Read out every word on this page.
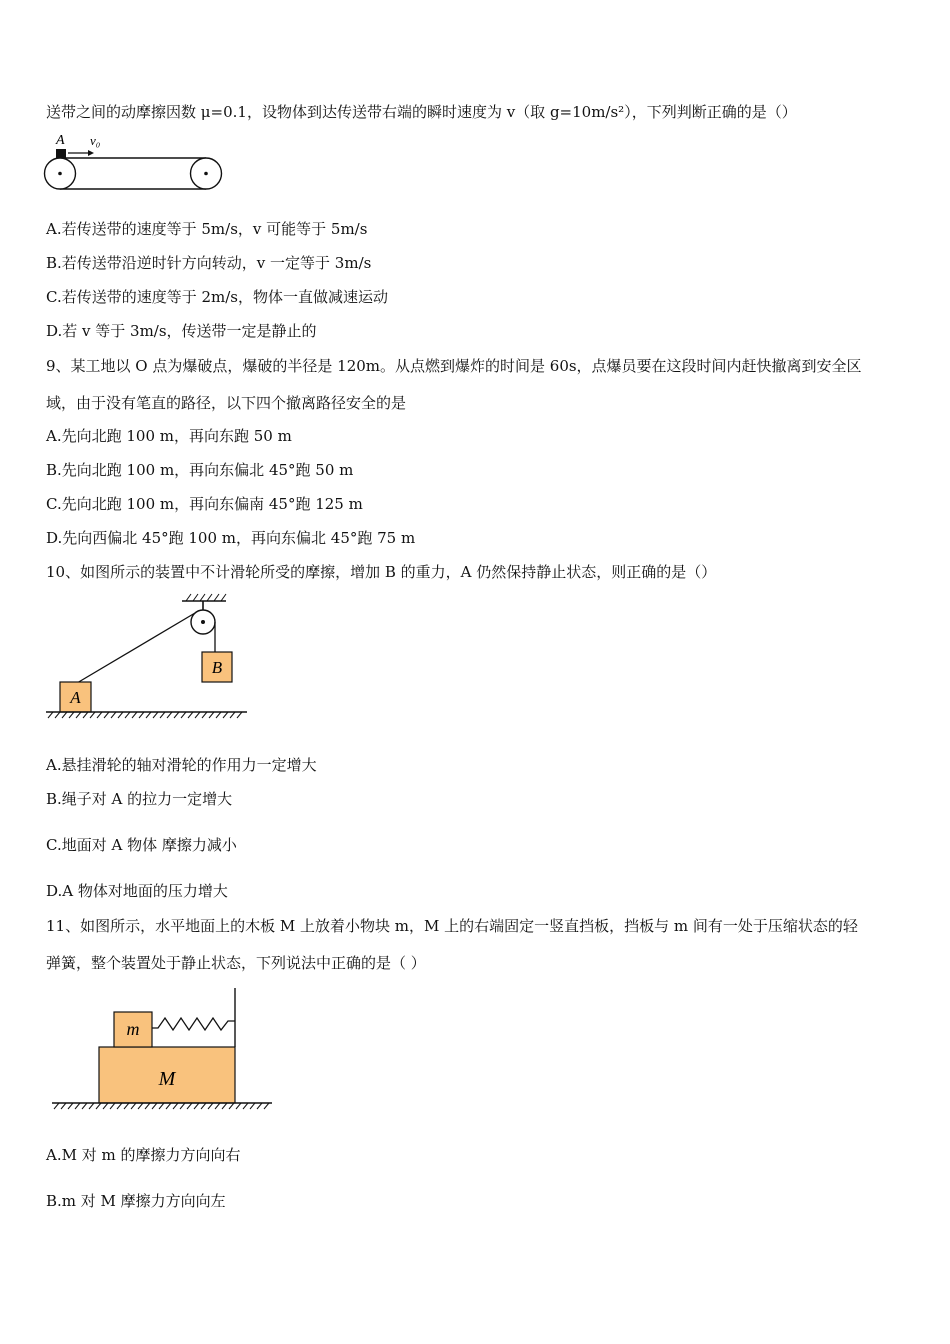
送带之间的动摩擦因数 μ=0.1，设物体到达传送带右端的瞬时速度为 v（取 g=10m/s²），下列判断正确的是（）
A v₀
A.若传送带的速度等于 5m/s，v 可能等于 5m/s
B.若传送带沿逆时针方向转动，v 一定等于 3m/s
C.若传送带的速度等于 2m/s，物体一直做减速运动
D.若 v 等于 3m/s，传送带一定是静止的
9、某工地以 O 点为爆破点，爆破的半径是 120m。从点燃到爆炸的时间是 60s，点爆员要在这段时间内赶快撤离到安全区
域，由于没有笔直的路径，以下四个撤离路径安全的是
A.先向北跑 100 m，再向东跑 50 m
B.先向北跑 100 m，再向东偏北 45°跑 50 m
C.先向北跑 100 m，再向东偏南 45°跑 125 m
D.先向西偏北 45°跑 100 m，再向东偏北 45°跑 75 m
10、如图所示的装置中不计滑轮所受的摩擦，增加 B 的重力，A 仍然保持静止状态，则正确的是（）
B
A
A.悬挂滑轮的轴对滑轮的作用力一定增大
B.绳子对 A 的拉力一定增大
C.地面对 A 物体 摩擦力减小
D.A 物体对地面的压力增大
11、如图所示，水平地面上的木板 M 上放着小物块 m，M 上的右端固定一竖直挡板，挡板与 m 间有一处于压缩状态的轻
弹簧，整个装置处于静止状态，下列说法中正确的是（ ）
M
m
A.M 对 m 的摩擦力方向向右
B.m 对 M 摩擦力方向向左
